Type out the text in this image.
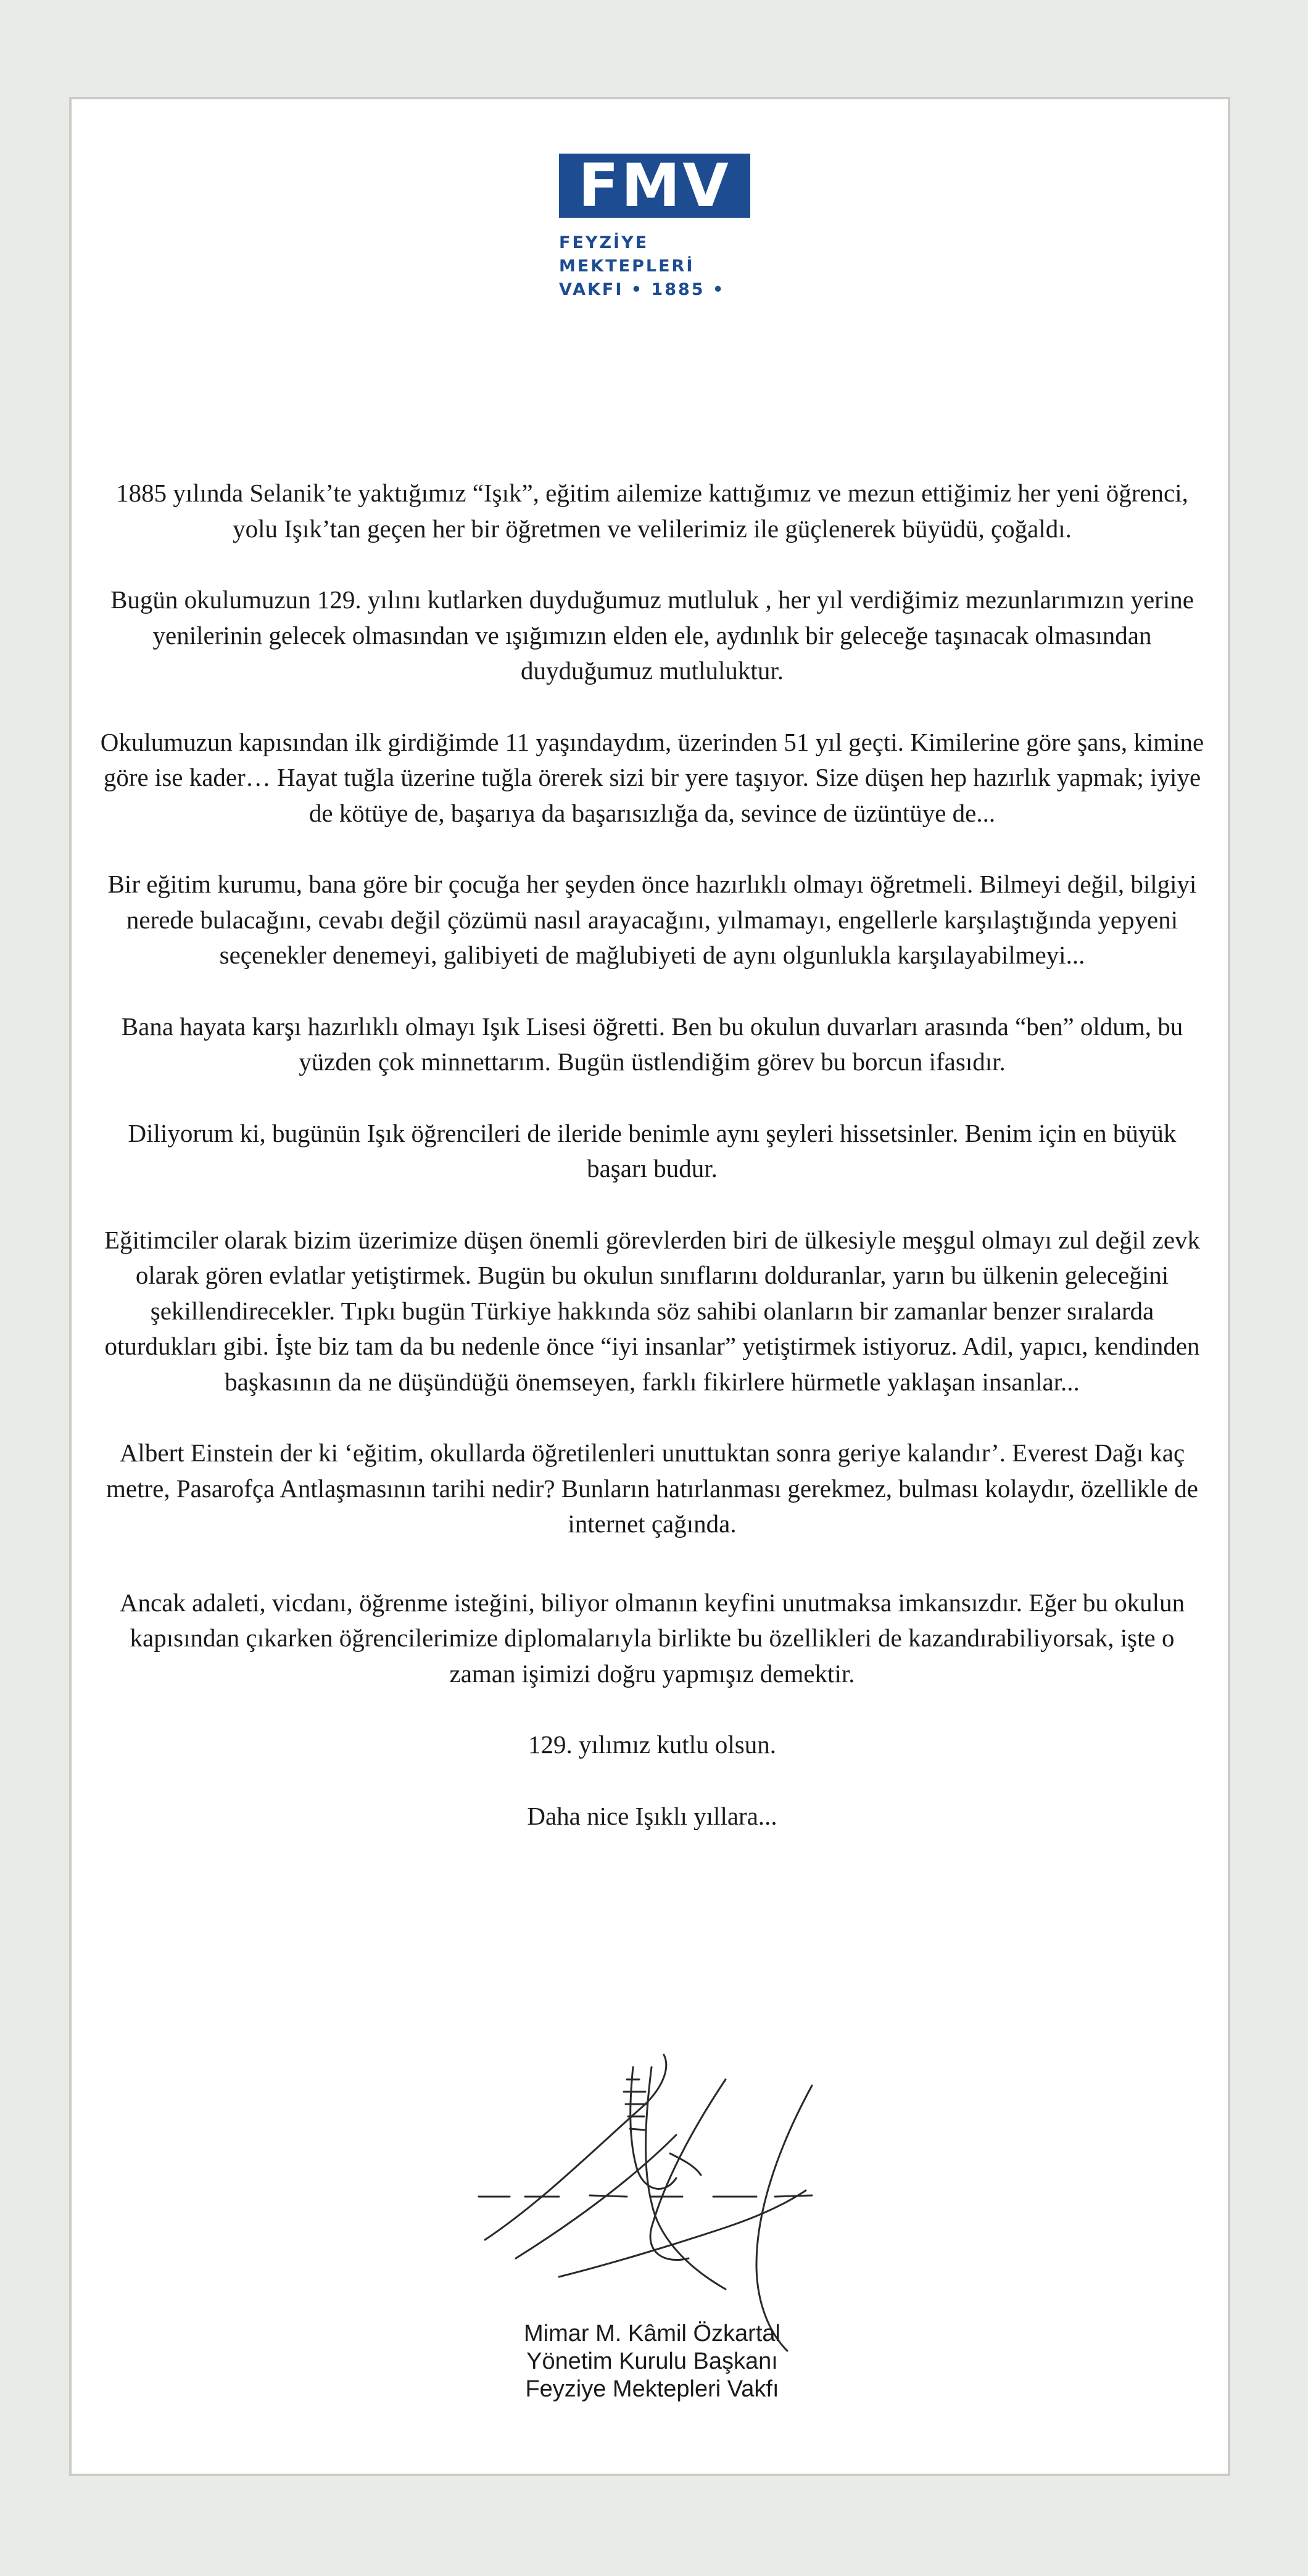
FMV
FEYZİYE
MEKTEPLERİ
VAKFI • 1885 •

1885 yılında Selanik’te yaktığımız “Işık”, eğitim ailemize kattığımız ve mezun ettiğimiz her yeni öğrenci, yolu Işık’tan geçen her bir öğretmen ve velilerimiz ile güçlenerek büyüdü, çoğaldı.

Bugün okulumuzun 129. yılını kutlarken duyduğumuz mutluluk , her yıl verdiğimiz mezunlarımızın yerine yenilerinin gelecek olmasından ve ışığımızın elden ele, aydınlık bir geleceğe taşınacak olmasından duyduğumuz mutluluktur.

Okulumuzun kapısından ilk girdiğimde 11 yaşındaydım, üzerinden 51 yıl geçti. Kimilerine göre şans, kimine göre ise kader… Hayat tuğla üzerine tuğla örerek sizi bir yere taşıyor. Size düşen hep hazırlık yapmak; iyiye de kötüye de, başarıya da başarısızlığa da, sevince de üzüntüye de...

Bir eğitim kurumu, bana göre bir çocuğa her şeyden önce hazırlıklı olmayı öğretmeli. Bilmeyi değil, bilgiyi nerede bulacağını, cevabı değil çözümü nasıl arayacağını, yılmamayı, engellerle karşılaştığında yepyeni seçenekler denemeyi, galibiyeti de mağlubiyeti de aynı olgunlukla karşılayabilmeyi...

Bana hayata karşı hazırlıklı olmayı Işık Lisesi öğretti. Ben bu okulun duvarları arasında “ben” oldum, bu yüzden çok minnettarım. Bugün üstlendiğim görev bu borcun ifasıdır.

Diliyorum ki, bugünün Işık öğrencileri de ileride benimle aynı şeyleri hissetsinler. Benim için en büyük başarı budur.

Eğitimciler olarak bizim üzerimize düşen önemli görevlerden biri de ülkesiyle meşgul olmayı zul değil zevk olarak gören evlatlar yetiştirmek. Bugün bu okulun sınıflarını dolduranlar, yarın bu ülkenin geleceğini şekillendirecekler. Tıpkı bugün Türkiye hakkında söz sahibi olanların bir zamanlar benzer sıralarda oturdukları gibi. İşte biz tam da bu nedenle önce “iyi insanlar” yetiştirmek istiyoruz. Adil, yapıcı, kendinden başkasının da ne düşündüğü önemseyen, farklı fikirlere hürmetle yaklaşan insanlar...

Albert Einstein der ki ‘eğitim, okullarda öğretilenleri unuttuktan sonra geriye kalandır’. Everest Dağı kaç metre, Pasarofça Antlaşmasının tarihi nedir? Bunların hatırlanması gerekmez, bulması kolaydır, özellikle de internet çağında.

Ancak adaleti, vicdanı, öğrenme isteğini, biliyor olmanın keyfini unutmaksa imkansızdır. Eğer bu okulun kapısından çıkarken öğrencilerimize diplomalarıyla birlikte bu özellikleri de kazandırabiliyorsak, işte o zaman işimizi doğru yapmışız demektir.

129. yılımız kutlu olsun.

Daha nice Işıklı yıllara...

Mimar M. Kâmil Özkartal
Yönetim Kurulu Başkanı
Feyziye Mektepleri Vakfı
